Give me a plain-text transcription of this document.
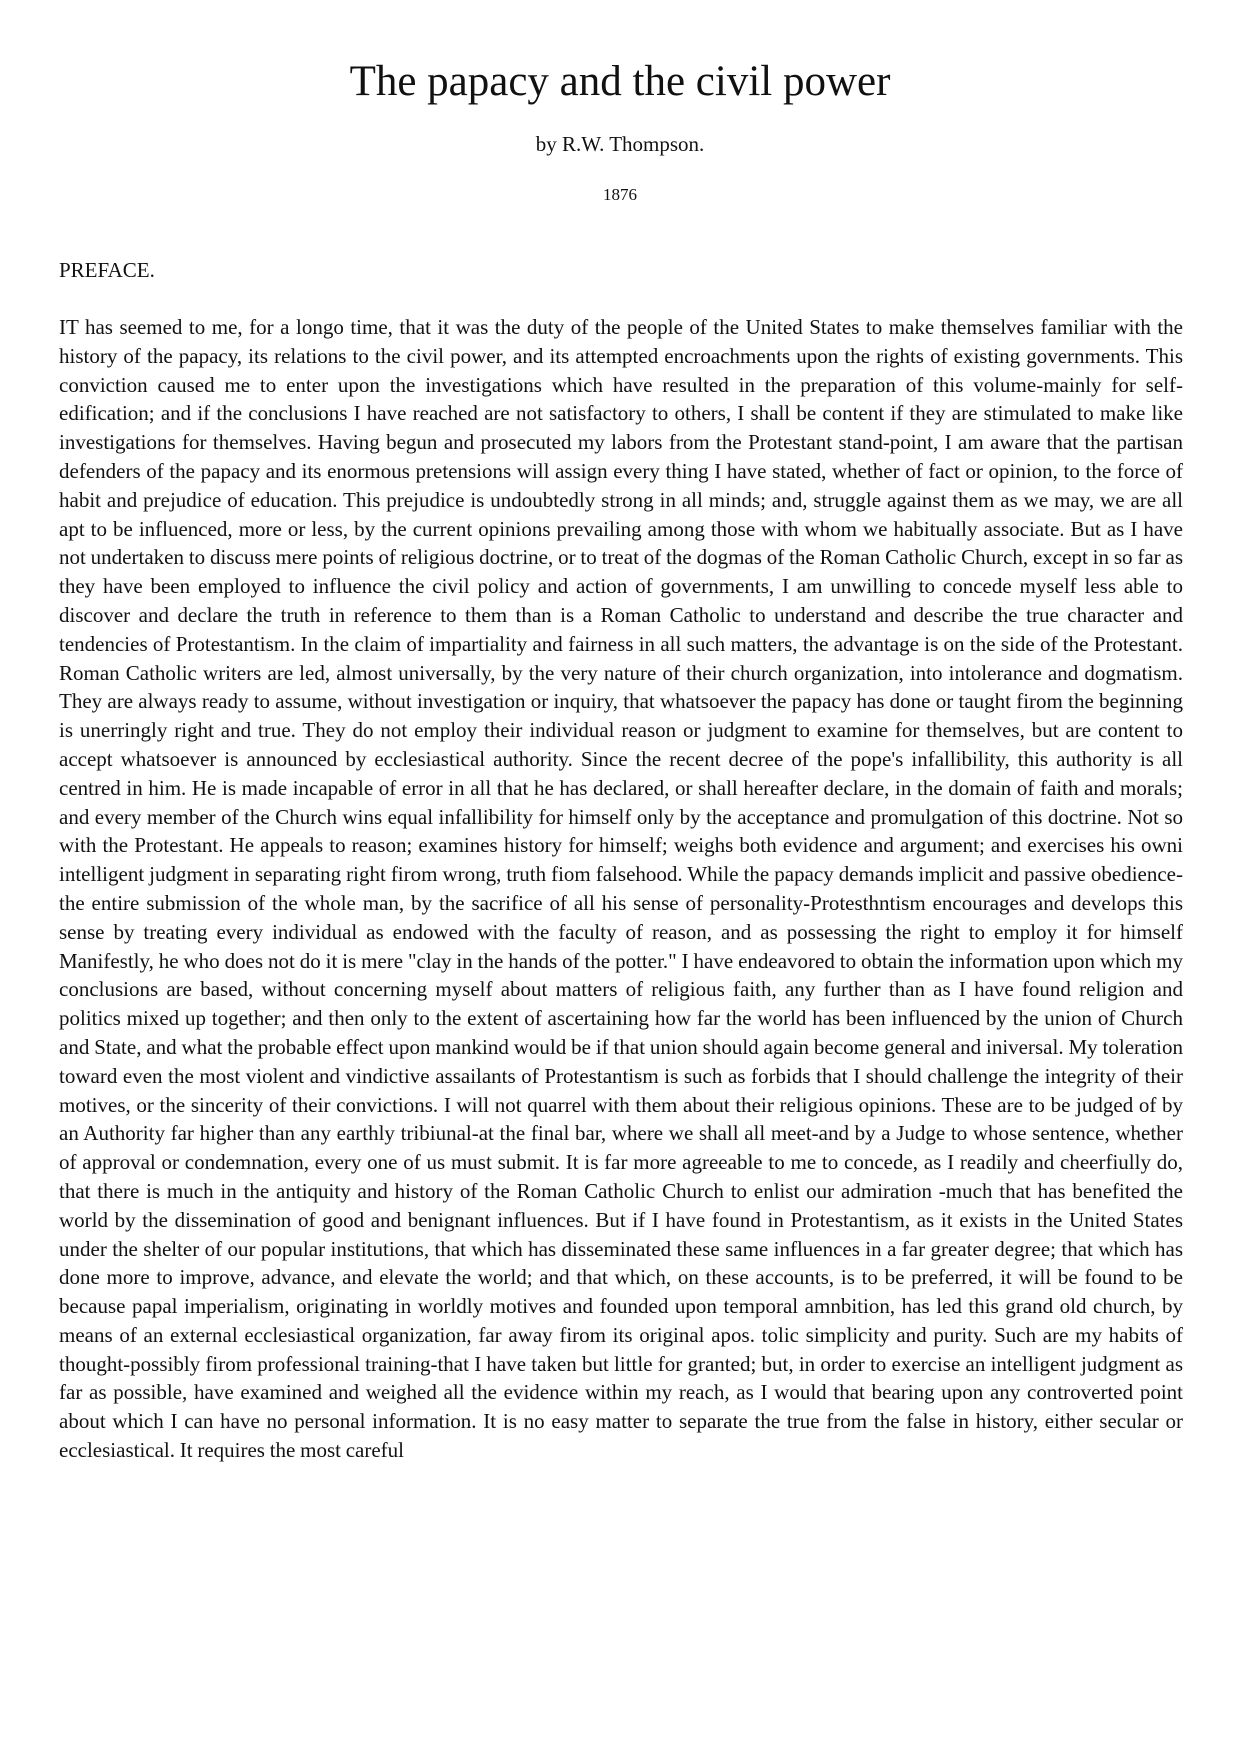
The papacy and the civil power

by R.W. Thompson.

1876

PREFACE.

IT has seemed to me, for a longo time, that it was the duty of the people of the United States to make themselves familiar with the history of the papacy, its relations to the civil power, and its attempted encroachments upon the rights of existing governments. This conviction caused me to enter upon the investigations which have resulted in the preparation of this volume-mainly for self-edification; and if the conclusions I have reached are not satisfactory to others, I shall be content if they are stimulated to make like investigations for themselves. Having begun and prosecuted my labors from the Protestant stand-point, I am aware that the partisan defenders of the papacy and its enormous pretensions will assign every thing I have stated, whether of fact or opinion, to the force of habit and prejudice of education. This prejudice is undoubtedly strong in all minds; and, struggle against them as we may, we are all apt to be influenced, more or less, by the current opinions prevailing among those with whom we habitually associate. But as I have not undertaken to discuss mere points of religious doctrine, or to treat of the dogmas of the Roman Catholic Church, except in so far as they have been employed to influence the civil policy and action of governments, I am unwilling to concede myself less able to discover and declare the truth in reference to them than is a Roman Catholic to understand and describe the true character and tendencies of Protestantism. In the claim of impartiality and fairness in all such matters, the advantage is on the side of the Protestant. Roman Catholic writers are led, almost universally, by the very nature of their church organization, into intolerance and dogmatism. They are always ready to assume, without investigation or inquiry, that whatsoever the papacy has done or taught firom the beginning is unerringly right and true. They do not employ their individual reason or judgment to examine for themselves, but are content to accept whatsoever is announced by ecclesiastical authority. Since the recent decree of the pope's infallibility, this authority is all centred in him. He is made incapable of error in all that he has declared, or shall hereafter declare, in the domain of faith and morals; and every member of the Church wins equal infallibility for himself only by the acceptance and promulgation of this doctrine. Not so with the Protestant. He appeals to reason; examines history for himself; weighs both evidence and argument; and exercises his owni intelligent judgment in separating right firom wrong, truth fiom falsehood. While the papacy demands implicit and passive obedience-the entire submission of the whole man, by the sacrifice of all his sense of personality-Protesthntism encourages and develops this sense by treating every individual as endowed with the faculty of reason, and as possessing the right to employ it for himself Manifestly, he who does not do it is mere "clay in the hands of the potter." I have endeavored to obtain the information upon which my conclusions are based, without concerning myself about matters of religious faith, any further than as I have found religion and politics mixed up together; and then only to the extent of ascertaining how far the world has been influenced by the union of Church and State, and what the probable effect upon mankind would be if that union should again become general and iniversal. My toleration toward even the most violent and vindictive assailants of Protestantism is such as forbids that I should challenge the integrity of their motives, or the sincerity of their convictions. I will not quarrel with them about their religious opinions. These are to be judged of by an Authority far higher than any earthly tribiunal-at the final bar, where we shall all meet-and by a Judge to whose sentence, whether of approval or condemnation, every one of us must submit. It is far more agreeable to me to concede, as I readily and cheerfiully do, that there is much in the antiquity and history of the Roman Catholic Church to enlist our admiration -much that has benefited the world by the dissemination of good and benignant influences. But if I have found in Protestantism, as it exists in the United States under the shelter of our popular institutions, that which has disseminated these same influences in a far greater degree; that which has done more to improve, advance, and elevate the world; and that which, on these accounts, is to be preferred, it will be found to be because papal imperialism, originating in worldly motives and founded upon temporal amnbition, has led this grand old church, by means of an external ecclesiastical organization, far away firom its original apos. tolic simplicity and purity. Such are my habits of thought-possibly firom professional training-that I have taken but little for granted; but, in order to exercise an intelligent judgment as far as possible, have examined and weighed all the evidence within my reach, as I would that bearing upon any controverted point about which I can have no personal information. It is no easy matter to separate the true from the false in history, either secular or ecclesiastical. It requires the most careful
